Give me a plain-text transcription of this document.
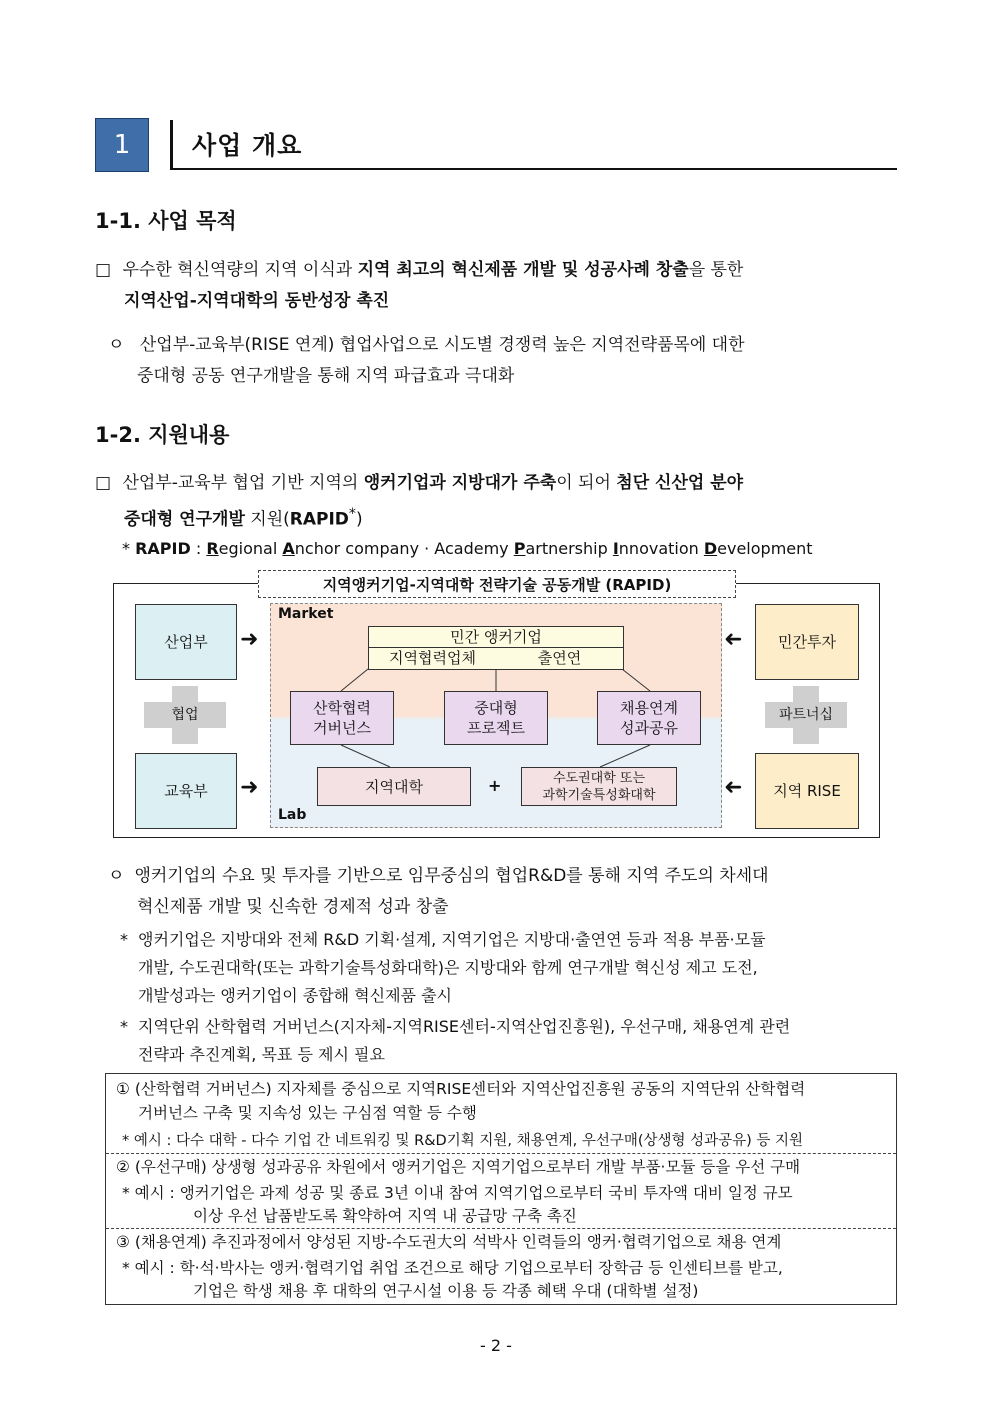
1 사업 개요
1-1. 사업 목적
□ 우수한 혁신역량의 지역 이식과 지역 최고의 혁신제품 개발 및 성공사례 창출을 통한
지역산업-지역대학의 동반성장 촉진
ㅇ 산업부-교육부(RISE 연계) 협업사업으로 시도별 경쟁력 높은 지역전략품목에 대한
중대형 공동 연구개발을 통해 지역 파급효과 극대화
1-2. 지원내용
□ 산업부-교육부 협업 기반 지역의 앵커기업과 지방대가 주축이 되어 첨단 신산업 분야
중대형 연구개발 지원(RAPID*)
* RAPID : Regional Anchor company · Academy Partnership Innovation Development
지역앵커기업-지역대학 전략기술 공동개발 (RAPID)
Market
Lab
산업부
교육부
협업
➜
➜
민간투자
지역 RISE
파트너십
➜
➜
민간 앵커기업
지역협력업체	출연연
산학협력
거버넌스
중대형
프로젝트
채용연계
성과공유
지역대학	+	수도권대학 또는
과학기술특성화대학
ㅇ 앵커기업의 수요 및 투자를 기반으로 임무중심의 협업R&D를 통해 지역 주도의 차세대
혁신제품 개발 및 신속한 경제적 성과 창출
* 앵커기업은 지방대와 전체 R&D 기획·설계, 지역기업은 지방대·출연연 등과 적용 부품·모듈
개발, 수도권대학(또는 과학기술특성화대학)은 지방대와 함께 연구개발 혁신성 제고 도전,
개발성과는 앵커기업이 종합해 혁신제품 출시
* 지역단위 산학협력 거버넌스(지자체-지역RISE센터-지역산업진흥원), 우선구매, 채용연계 관련
전략과 추진계획, 목표 등 제시 필요
① (산학협력 거버넌스) 지자체를 중심으로 지역RISE센터와 지역산업진흥원 공동의 지역단위 산학협력
거버넌스 구축 및 지속성 있는 구심점 역할 등 수행
* 예시 : 다수 대학 - 다수 기업 간 네트워킹 및 R&D기획 지원, 채용연계, 우선구매(상생형 성과공유) 등 지원
② (우선구매) 상생형 성과공유 차원에서 앵커기업은 지역기업으로부터 개발 부품·모듈 등을 우선 구매
* 예시 : 앵커기업은 과제 성공 및 종료 3년 이내 참여 지역기업으로부터 국비 투자액 대비 일정 규모
이상 우선 납품받도록 확약하여 지역 내 공급망 구축 촉진
③ (채용연계) 추진과정에서 양성된 지방-수도권大의 석박사 인력들의 앵커·협력기업으로 채용 연계
* 예시 : 학·석·박사는 앵커·협력기업 취업 조건으로 해당 기업으로부터 장학금 등 인센티브를 받고,
기업은 학생 채용 후 대학의 연구시설 이용 등 각종 혜택 우대 (대학별 설정)
- 2 -
